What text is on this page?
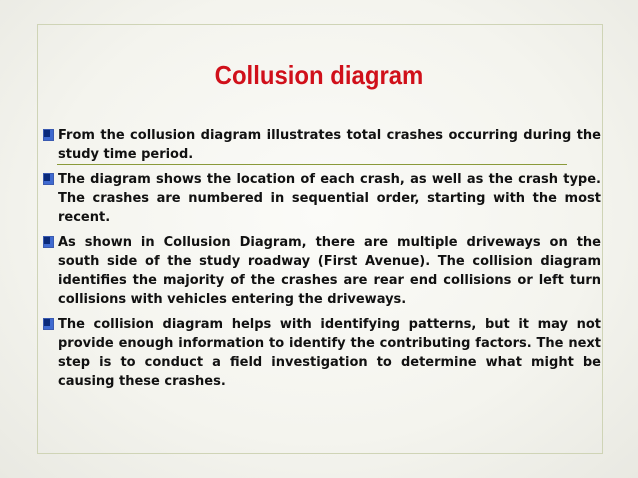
Collusion diagram
From the collusion diagram illustrates total crashes occurring during the study time period.
The diagram shows the location of each crash, as well as the crash type. The crashes are numbered in sequential order, starting with the most recent.
As shown in Collusion Diagram, there are multiple driveways on the south side of the study roadway (First Avenue). The collision diagram identifies the majority of the crashes are rear end collisions or left turn collisions with vehicles entering the driveways.
The collision diagram helps with identifying patterns, but it may not provide enough information to identify the contributing factors. The next step is to conduct a field investigation to determine what might be causing these crashes.
